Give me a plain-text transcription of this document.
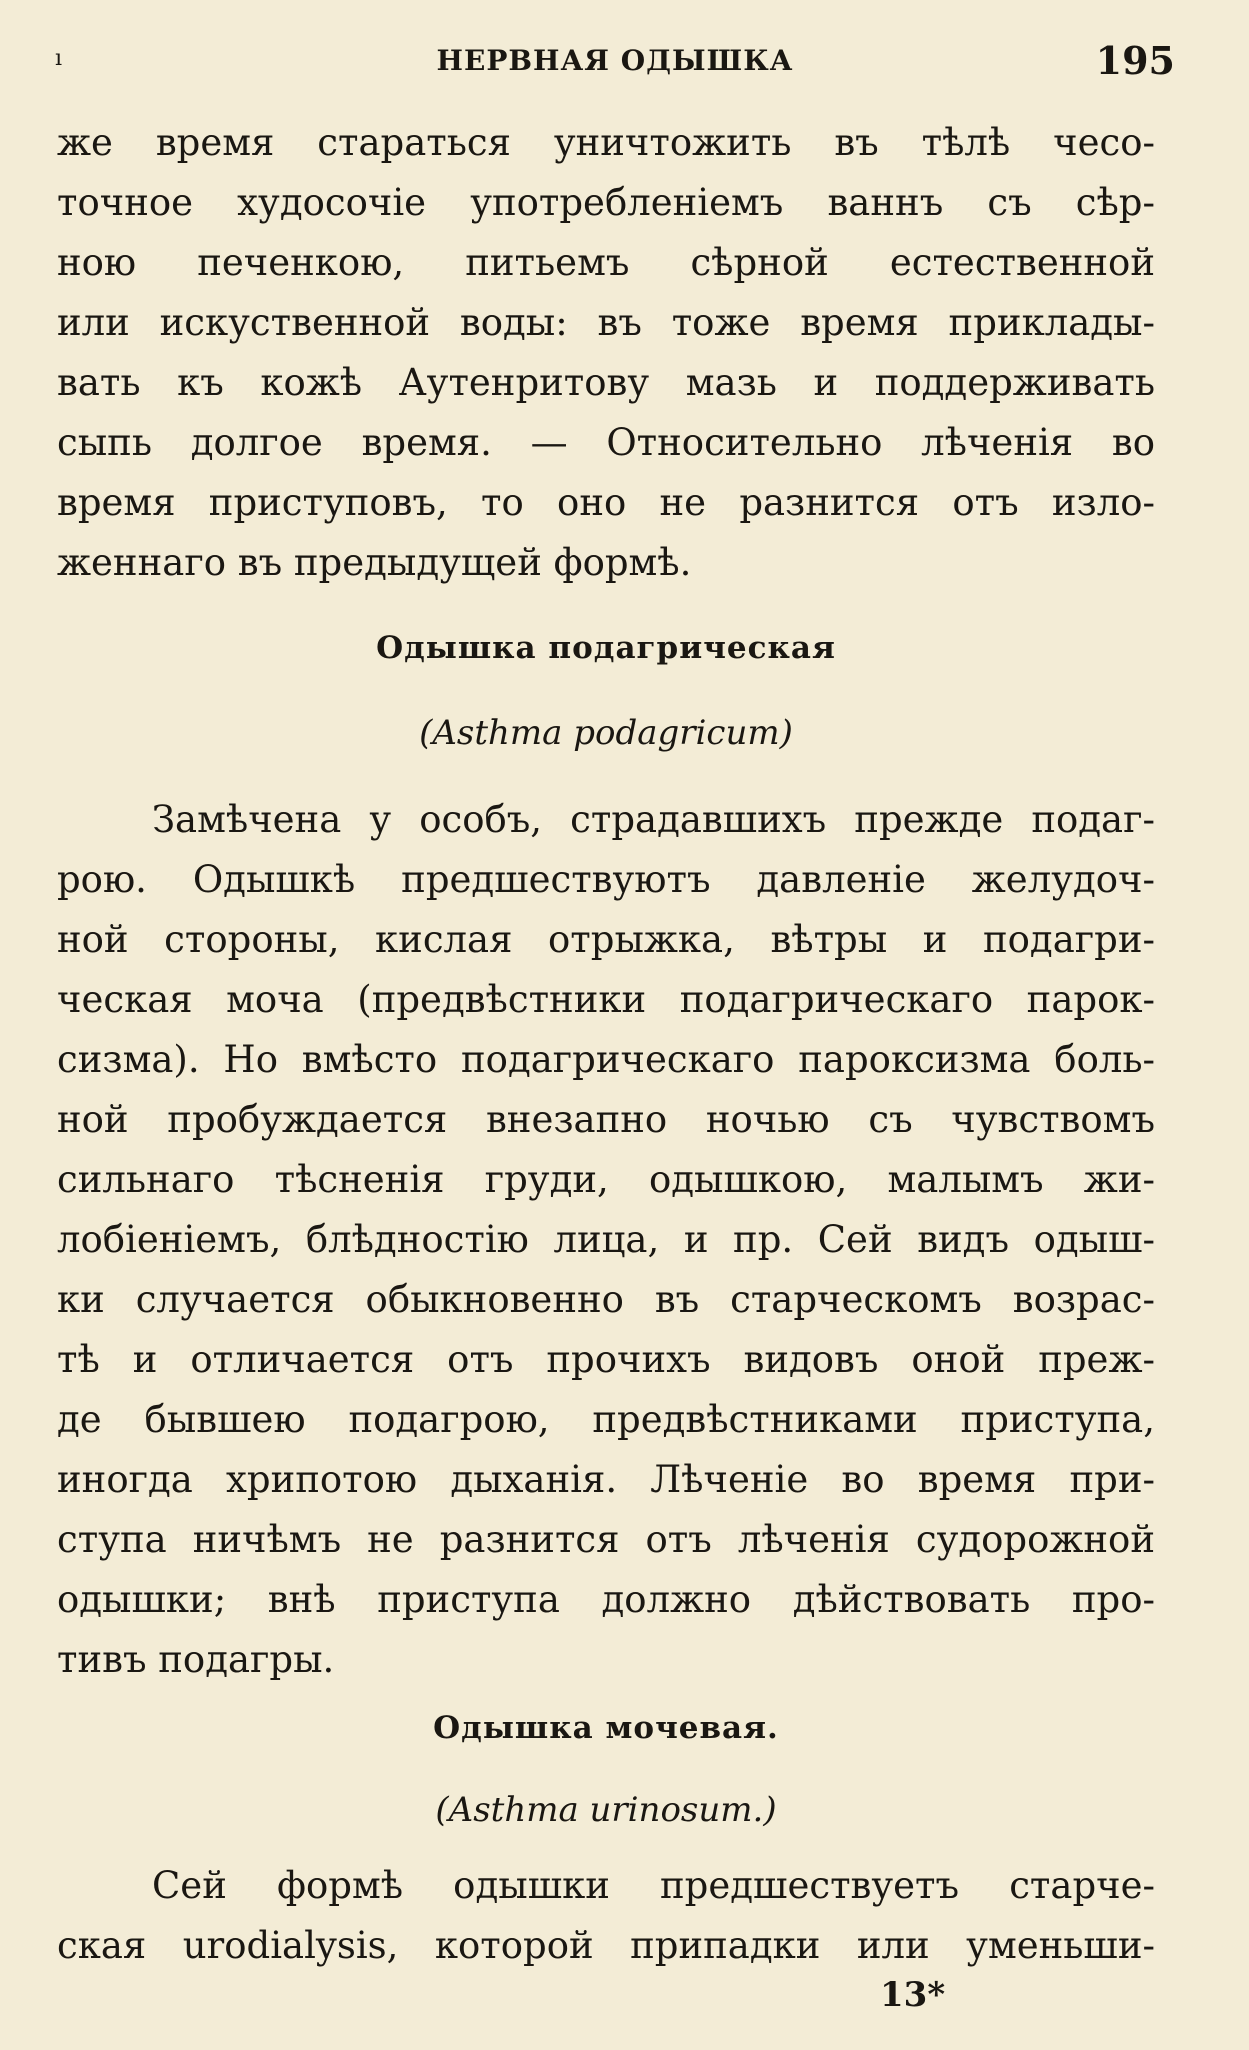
ı	НЕРВНАЯ ОДЫШКА	195
же время стараться уничтожить въ тѣлѣ чесо-
точное худосочіе употребленіемъ ваннъ съ сѣр-
ною печенкою, питьемъ сѣрной естественной
или искуственной воды: въ тоже время приклады-
вать къ кожѣ Аутенритову мазь и поддерживать
сыпь долгое время. — Относительно лѣченія во
время приступовъ, то оно не разнится отъ изло-
женнаго въ предыдущей формѣ.
Одышка подагрическая
(Asthma podagricum)
Замѣчена у особъ, страдавшихъ прежде подаг-
рою. Одышкѣ предшествуютъ давленіе желудоч-
ной стороны, кислая отрыжка, вѣтры и подагри-
ческая моча (предвѣстники подагрическаго парок-
сизма). Но вмѣсто подагрическаго пароксизма боль-
ной пробуждается внезапно ночью съ чувствомъ
сильнаго тѣсненія груди, одышкою, малымъ жи-
лобіеніемъ, блѣдностію лица, и пр. Сей видъ одыш-
ки случается обыкновенно въ старческомъ возрас-
тѣ и отличается отъ прочихъ видовъ оной преж-
де бывшею подагрою, предвѣстниками приступа,
иногда хрипотою дыханія. Лѣченіе во время при-
ступа ничѣмъ не разнится отъ лѣченія судорожной
одышки; внѣ приступа должно дѣйствовать про-
тивъ подагры.
Одышка мочевая.
(Asthma urinosum.)
Сей формѣ одышки предшествуетъ старче-
ская urodialysis, которой припадки или уменьши-
13*
